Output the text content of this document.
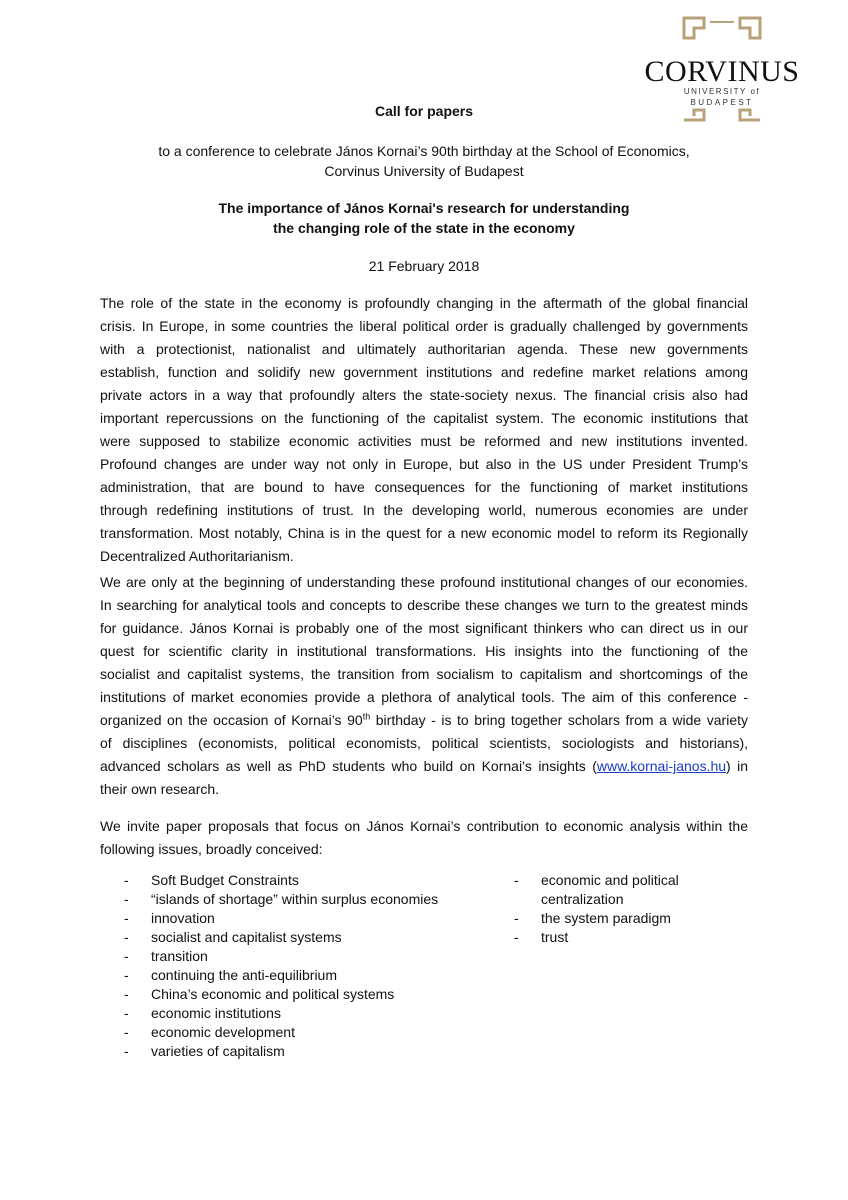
CORVINUS
UNIVERSITY of
BUDAPEST
Call for papers
to a conference to celebrate János Kornai’s 90th birthday at the School of Economics,
Corvinus University of Budapest
The importance of János Kornai's research for understanding
the changing role of the state in the economy
21 February 2018
The role of the state in the economy is profoundly changing in the aftermath of the global financial
crisis. In Europe, in some countries the liberal political order is gradually challenged by governments
with a protectionist, nationalist and ultimately authoritarian agenda. These new governments
establish, function and solidify new government institutions and redefine market relations among
private actors in a way that profoundly alters the state-society nexus. The financial crisis also had
important repercussions on the functioning of the capitalist system. The economic institutions that
were supposed to stabilize economic activities must be reformed and new institutions invented.
Profound changes are under way not only in Europe, but also in the US under President Trump’s
administration, that are bound to have consequences for the functioning of market institutions
through redefining institutions of trust. In the developing world, numerous economies are under
transformation. Most notably, China is in the quest for a new economic model to reform its Regionally
Decentralized Authoritarianism.
We are only at the beginning of understanding these profound institutional changes of our economies.
In searching for analytical tools and concepts to describe these changes we turn to the greatest minds
for guidance. János Kornai is probably one of the most significant thinkers who can direct us in our
quest for scientific clarity in institutional transformations. His insights into the functioning of the
socialist and capitalist systems, the transition from socialism to capitalism and shortcomings of the
institutions of market economies provide a plethora of analytical tools. The aim of this conference -
organized on the occasion of Kornai’s 90th birthday - is to bring together scholars from a wide variety
of disciplines (economists, political economists, political scientists, sociologists and historians),
advanced scholars as well as PhD students who build on Kornai’s insights (www.kornai-janos.hu) in
their own research.
We invite paper proposals that focus on János Kornai’s contribution to economic analysis within the
following issues, broadly conceived:
- Soft Budget Constraints
- “islands of shortage” within surplus economies
- innovation
- socialist and capitalist systems
- transition
- continuing the anti-equilibrium
- China’s economic and political systems
- economic institutions
- economic development
- varieties of capitalism
- economic and political
centralization
- the system paradigm
- trust
